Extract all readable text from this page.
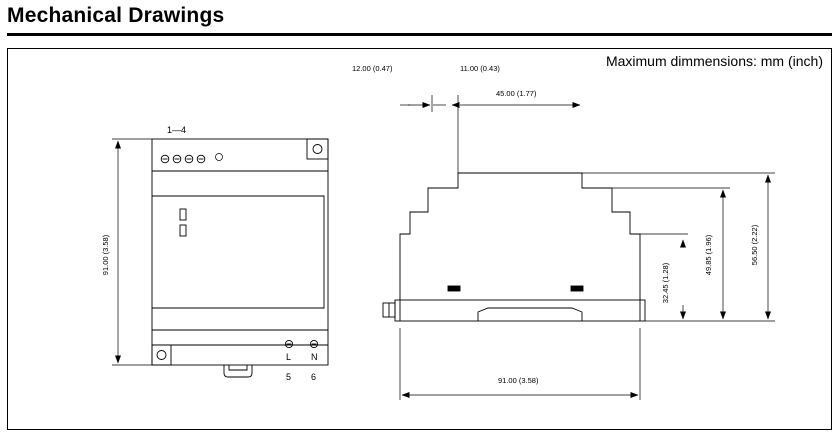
Mechanical Drawings
Maximum dimmensions: mm (inch)
1—4
L N
5 6
91.00 (3.58)
12.00 (0.47)	11.00 (0.43)
45.00 (1.77)
32.45 (1.28)
49.85 (1.96)	56.50 (2.22)
91.00 (3.58)
